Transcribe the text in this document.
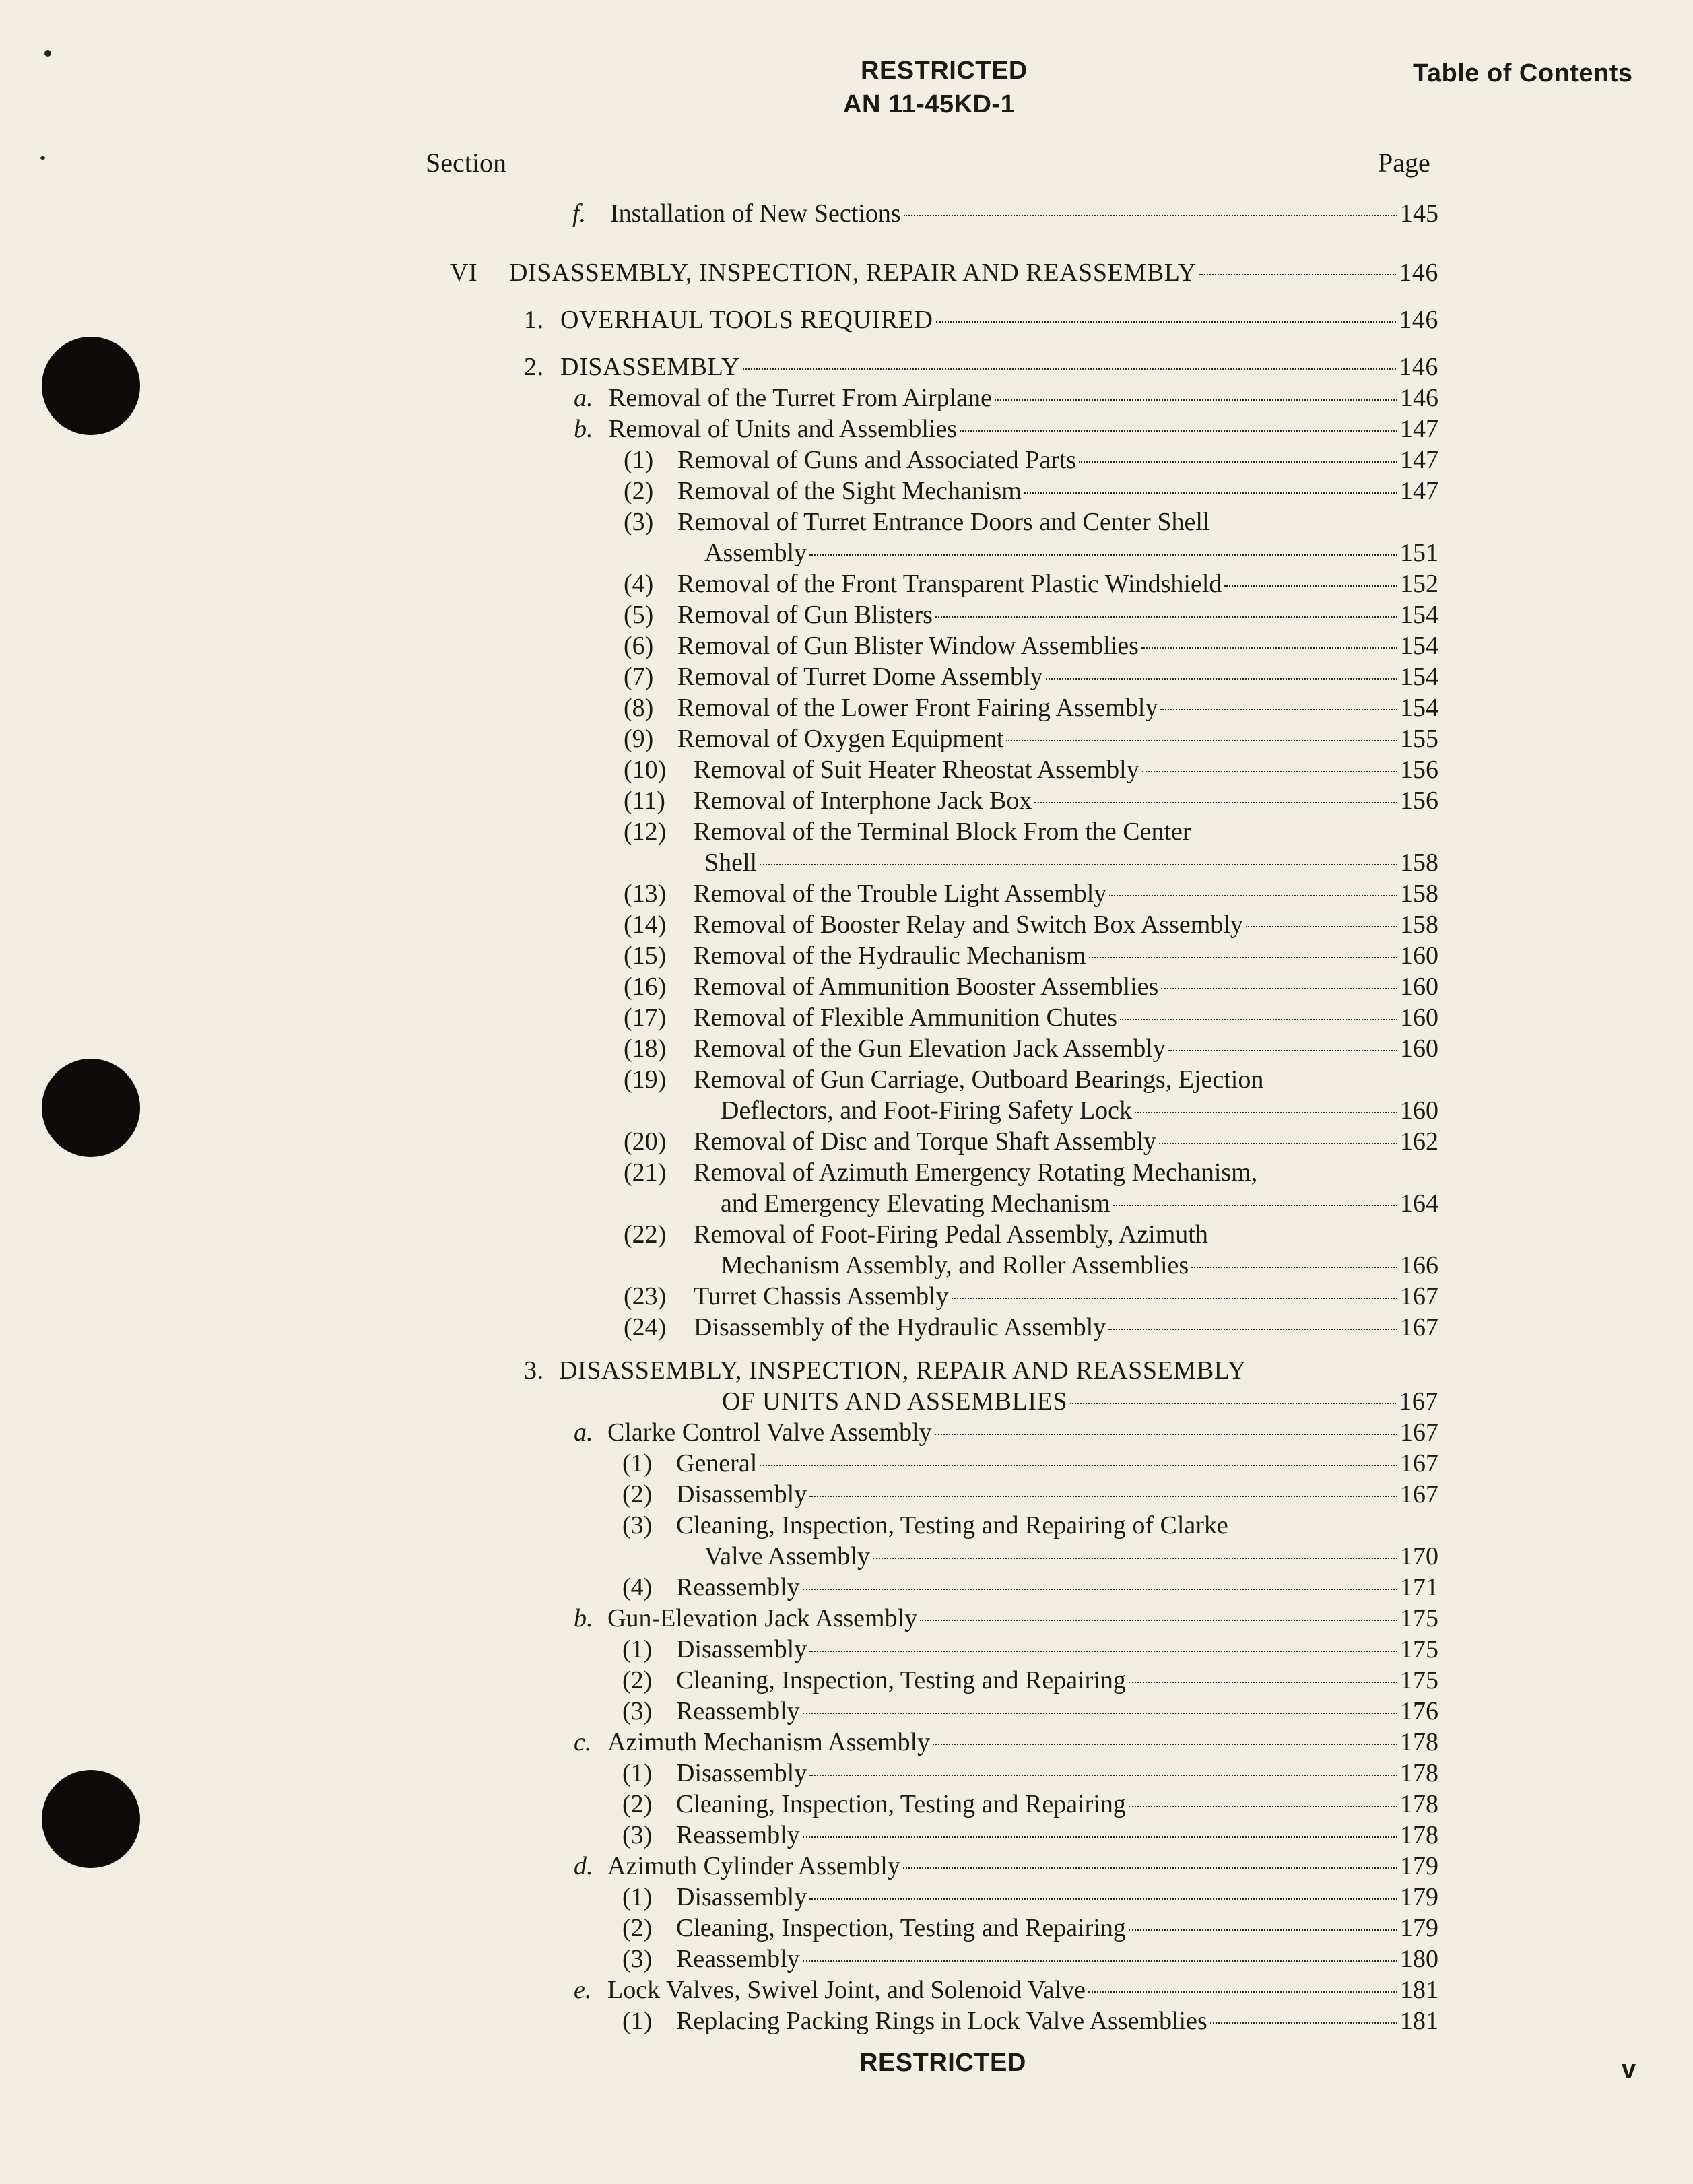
RESTRICTED
AN 11-45KD-1
Table of Contents
Section	Page
f. Installation of New Sections	145
VI	DISASSEMBLY, INSPECTION, REPAIR AND REASSEMBLY	146
1. OVERHAUL TOOLS REQUIRED	146
2. DISASSEMBLY	146
a. Removal of the Turret From Airplane	146
b. Removal of Units and Assemblies	147
(1) Removal of Guns and Associated Parts	147
(2) Removal of the Sight Mechanism	147
(3) Removal of Turret Entrance Doors and Center Shell
Assembly	151
(4) Removal of the Front Transparent Plastic Windshield	152
(5) Removal of Gun Blisters	154
(6) Removal of Gun Blister Window Assemblies	154
(7) Removal of Turret Dome Assembly	154
(8) Removal of the Lower Front Fairing Assembly	154
(9) Removal of Oxygen Equipment	155
(10)	Removal of Suit Heater Rheostat Assembly	156
(11)	Removal of Interphone Jack Box	156
(12)	Removal of the Terminal Block From the Center
Shell	158
(13)	Removal of the Trouble Light Assembly	158
(14)	Removal of Booster Relay and Switch Box Assembly	158
(15)	Removal of the Hydraulic Mechanism	160
(16)	Removal of Ammunition Booster Assemblies	160
(17)	Removal of Flexible Ammunition Chutes	160
(18)	Removal of the Gun Elevation Jack Assembly	160
(19)	Removal of Gun Carriage, Outboard Bearings, Ejection
Deflectors, and Foot-Firing Safety Lock	160
(20)	Removal of Disc and Torque Shaft Assembly	162
(21)	Removal of Azimuth Emergency Rotating Mechanism,
and Emergency Elevating Mechanism	164
(22)	Removal of Foot-Firing Pedal Assembly, Azimuth
Mechanism Assembly, and Roller Assemblies	166
(23)	Turret Chassis Assembly	167
(24)	Disassembly of the Hydraulic Assembly	167
3. DISASSEMBLY, INSPECTION, REPAIR AND REASSEMBLY
OF UNITS AND ASSEMBLIES	167
a. Clarke Control Valve Assembly	167
(1) General	167
(2) Disassembly	167
(3) Cleaning, Inspection, Testing and Repairing of Clarke
Valve Assembly	170
(4) Reassembly	171
b. Gun-Elevation Jack Assembly	175
(1) Disassembly	175
(2) Cleaning, Inspection, Testing and Repairing	175
(3) Reassembly	176
c. Azimuth Mechanism Assembly	178
(1) Disassembly	178
(2) Cleaning, Inspection, Testing and Repairing	178
(3) Reassembly	178
d. Azimuth Cylinder Assembly	179
(1) Disassembly	179
(2) Cleaning, Inspection, Testing and Repairing	179
(3) Reassembly	180
e. Lock Valves, Swivel Joint, and Solenoid Valve	181
(1) Replacing Packing Rings in Lock Valve Assemblies	181
RESTRICTED	v
